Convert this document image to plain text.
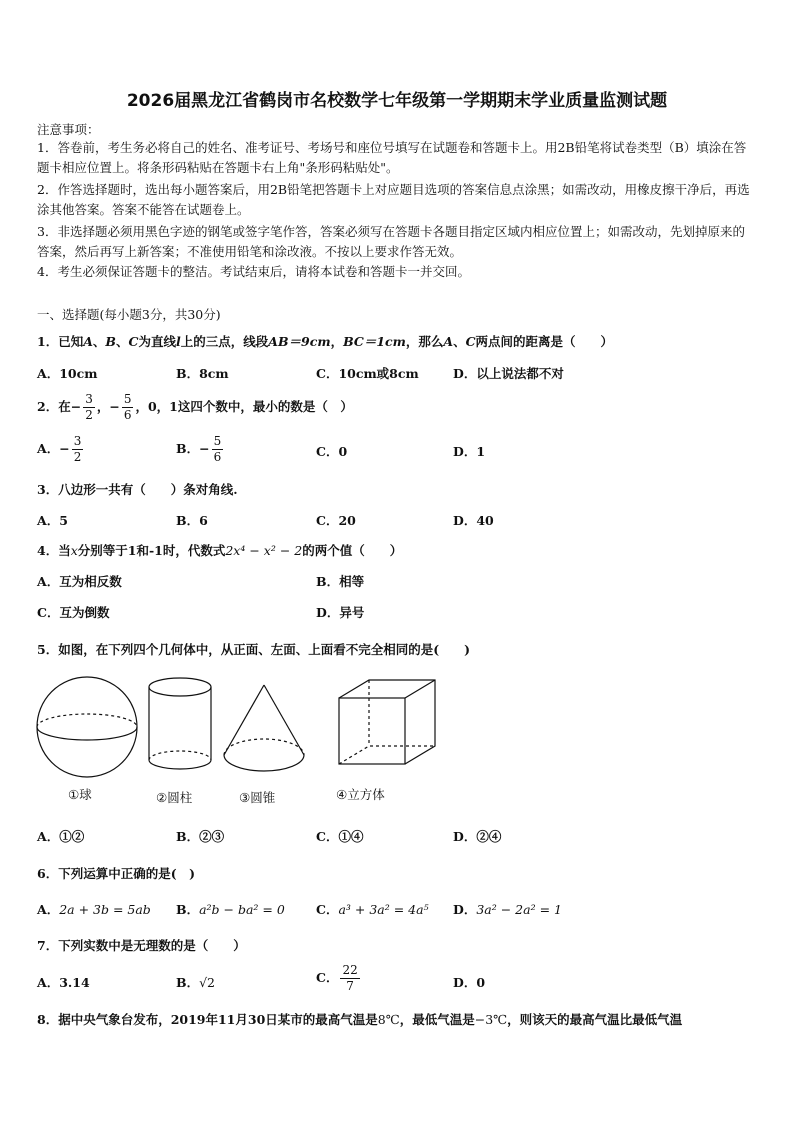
2026届黑龙江省鹤岗市名校数学七年级第一学期期末学业质量监测试题
注意事项：
1．答卷前，考生务必将自己的姓名、准考证号、考场号和座位号填写在试题卷和答题卡上。用2B铅笔将试卷类型（B）填涂在答题卡相应位置上。将条形码粘贴在答题卡右上角"条形码粘贴处"。
2．作答选择题时，选出每小题答案后，用2B铅笔把答题卡上对应题目选项的答案信息点涂黑；如需改动，用橡皮擦干净后，再选涂其他答案。答案不能答在试题卷上。
3．非选择题必须用黑色字迹的钢笔或签字笔作答，答案必须写在答题卡各题目指定区域内相应位置上；如需改动，先划掉原来的答案，然后再写上新答案；不准使用铅笔和涂改液。不按以上要求作答无效。
4．考生必须保证答题卡的整洁。考试结束后，请将本试卷和答题卡一并交回。
一、选择题(每小题3分，共30分)
1．已知A、B、C为直线l上的三点，线段AB＝9cm，BC＝1cm，那么A、C两点间的距离是（　　）
A．10cm	B．8cm	C．10cm或8cm	D．以上说法都不对
2．在− $\frac{3}{2}$ ，− $\frac{5}{6}$ ，0，1这四个数中，最小的数是（　）
A．− $\frac{3}{2}$	B．− $\frac{5}{6}$	C．0	D．1
3．八边形一共有（　　）条对角线.
A．5	B．6	C．20	D．40
4．当x分别等于1和-1时，代数式2x⁴ − x² − 2的两个值（　　）
A．互为相反数	B．相等
C．互为倒数	D．异号
5．如图，在下列四个几何体中，从正面、左面、上面看不完全相同的是(　　)
①球	②圆柱	③圆锥	④立方体
A．①②	B．②③	C．①④	D．②④
6．下列运算中正确的是(　)
A．2a + 3b = 5ab B．a²b − ba² = 0 C．a³ + 3a² = 4a⁵ D．3a² − 2a² = 1
7．下列实数中是无理数的是（　　）
A．3.14	B．√2	C． $\frac{22}{7}$	D．0
8．据中央气象台发布，2019年11月30日某市的最高气温是8℃，最低气温是−3℃，则该天的最高气温比最低气温
